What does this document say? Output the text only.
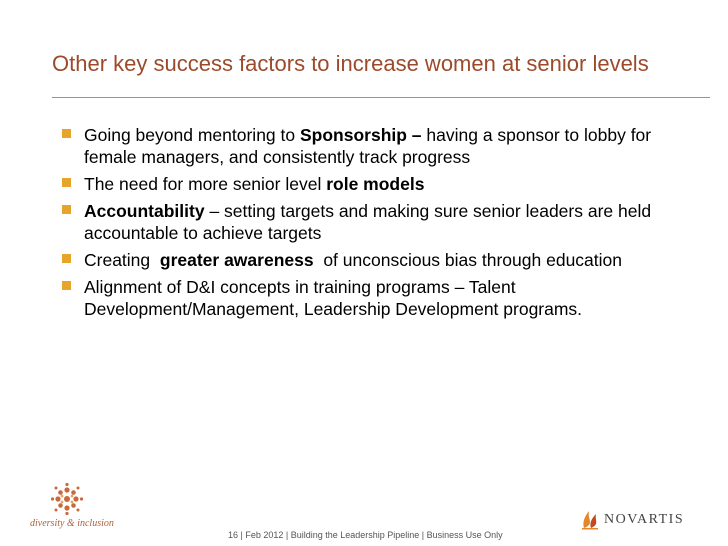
Other key success factors to increase women at senior levels
Going beyond mentoring to Sponsorship – having a sponsor to lobby for female managers, and consistently track progress
The need for more senior level role models
Accountability – setting targets and making sure senior leaders are held accountable to achieve targets
Creating  greater awareness  of unconscious bias through education
Alignment of D&I concepts in training programs – Talent Development/Management, Leadership Development programs.
diversity & inclusion
16 | Feb 2012 | Building the Leadership Pipeline | Business Use Only
NOVARTIS
